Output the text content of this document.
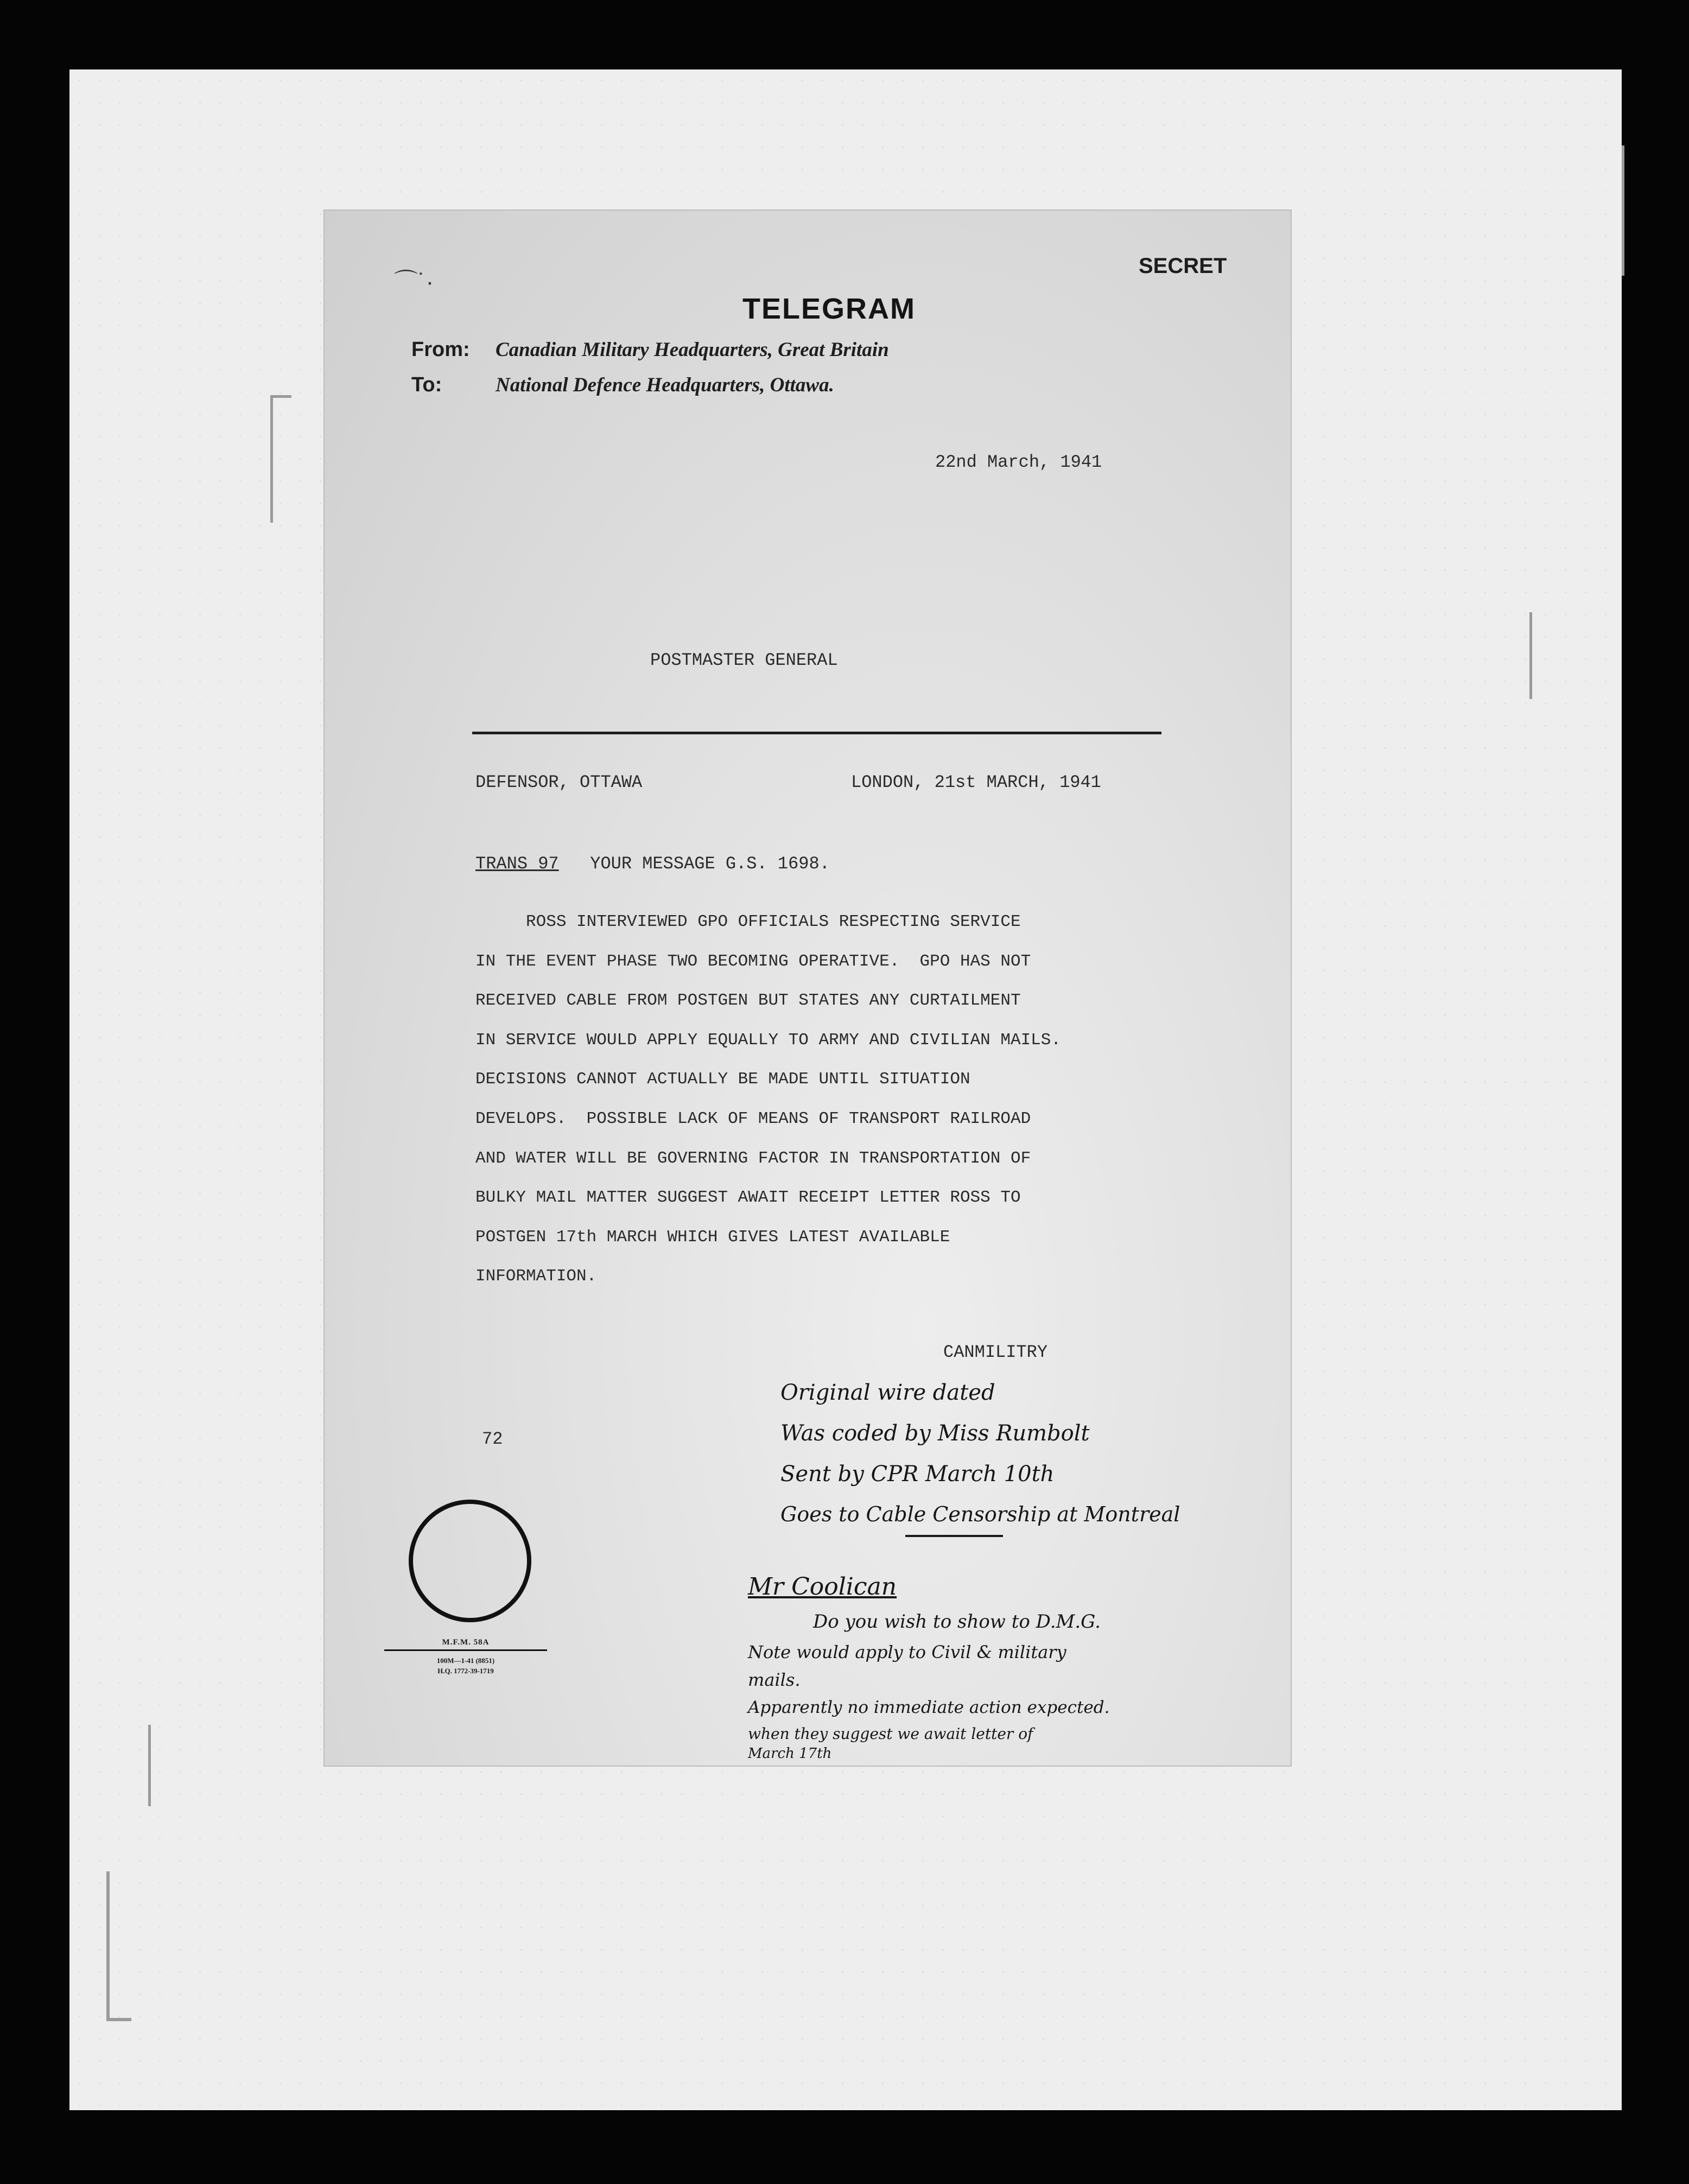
⌒˙·
SECRET
TELEGRAM
From: Canadian Military Headquarters, Great Britain
To:	National Defence Headquarters, Ottawa.
22nd March, 1941
POSTMASTER GENERAL
DEFENSOR, OTTAWA	LONDON, 21st MARCH, 1941
TRANS 97 YOUR MESSAGE G.S. 1698.
ROSS INTERVIEWED GPO OFFICIALS RESPECTING SERVICE
IN THE EVENT PHASE TWO BECOMING OPERATIVE.  GPO HAS NOT
RECEIVED CABLE FROM POSTGEN BUT STATES ANY CURTAILMENT
IN SERVICE WOULD APPLY EQUALLY TO ARMY AND CIVILIAN MAILS.
DECISIONS CANNOT ACTUALLY BE MADE UNTIL SITUATION
DEVELOPS.  POSSIBLE LACK OF MEANS OF TRANSPORT RAILROAD
AND WATER WILL BE GOVERNING FACTOR IN TRANSPORTATION OF
BULKY MAIL MATTER SUGGEST AWAIT RECEIPT LETTER ROSS TO
POSTGEN 17th MARCH WHICH GIVES LATEST AVAILABLE
INFORMATION.
CANMILITRY
72
Original wire dated
Was coded by Miss Rumbolt
Sent by CPR March 10th
Goes to Cable Censorship at Montreal
Mr Coolican
Do you wish to show to D.M.G.
Note would apply to Civil & military
mails.
Apparently no immediate action expected.
when they suggest we await letter of
March 17th
M.F.M. 58A
100M—1-41 (8851)
H.Q. 1772-39-1719
